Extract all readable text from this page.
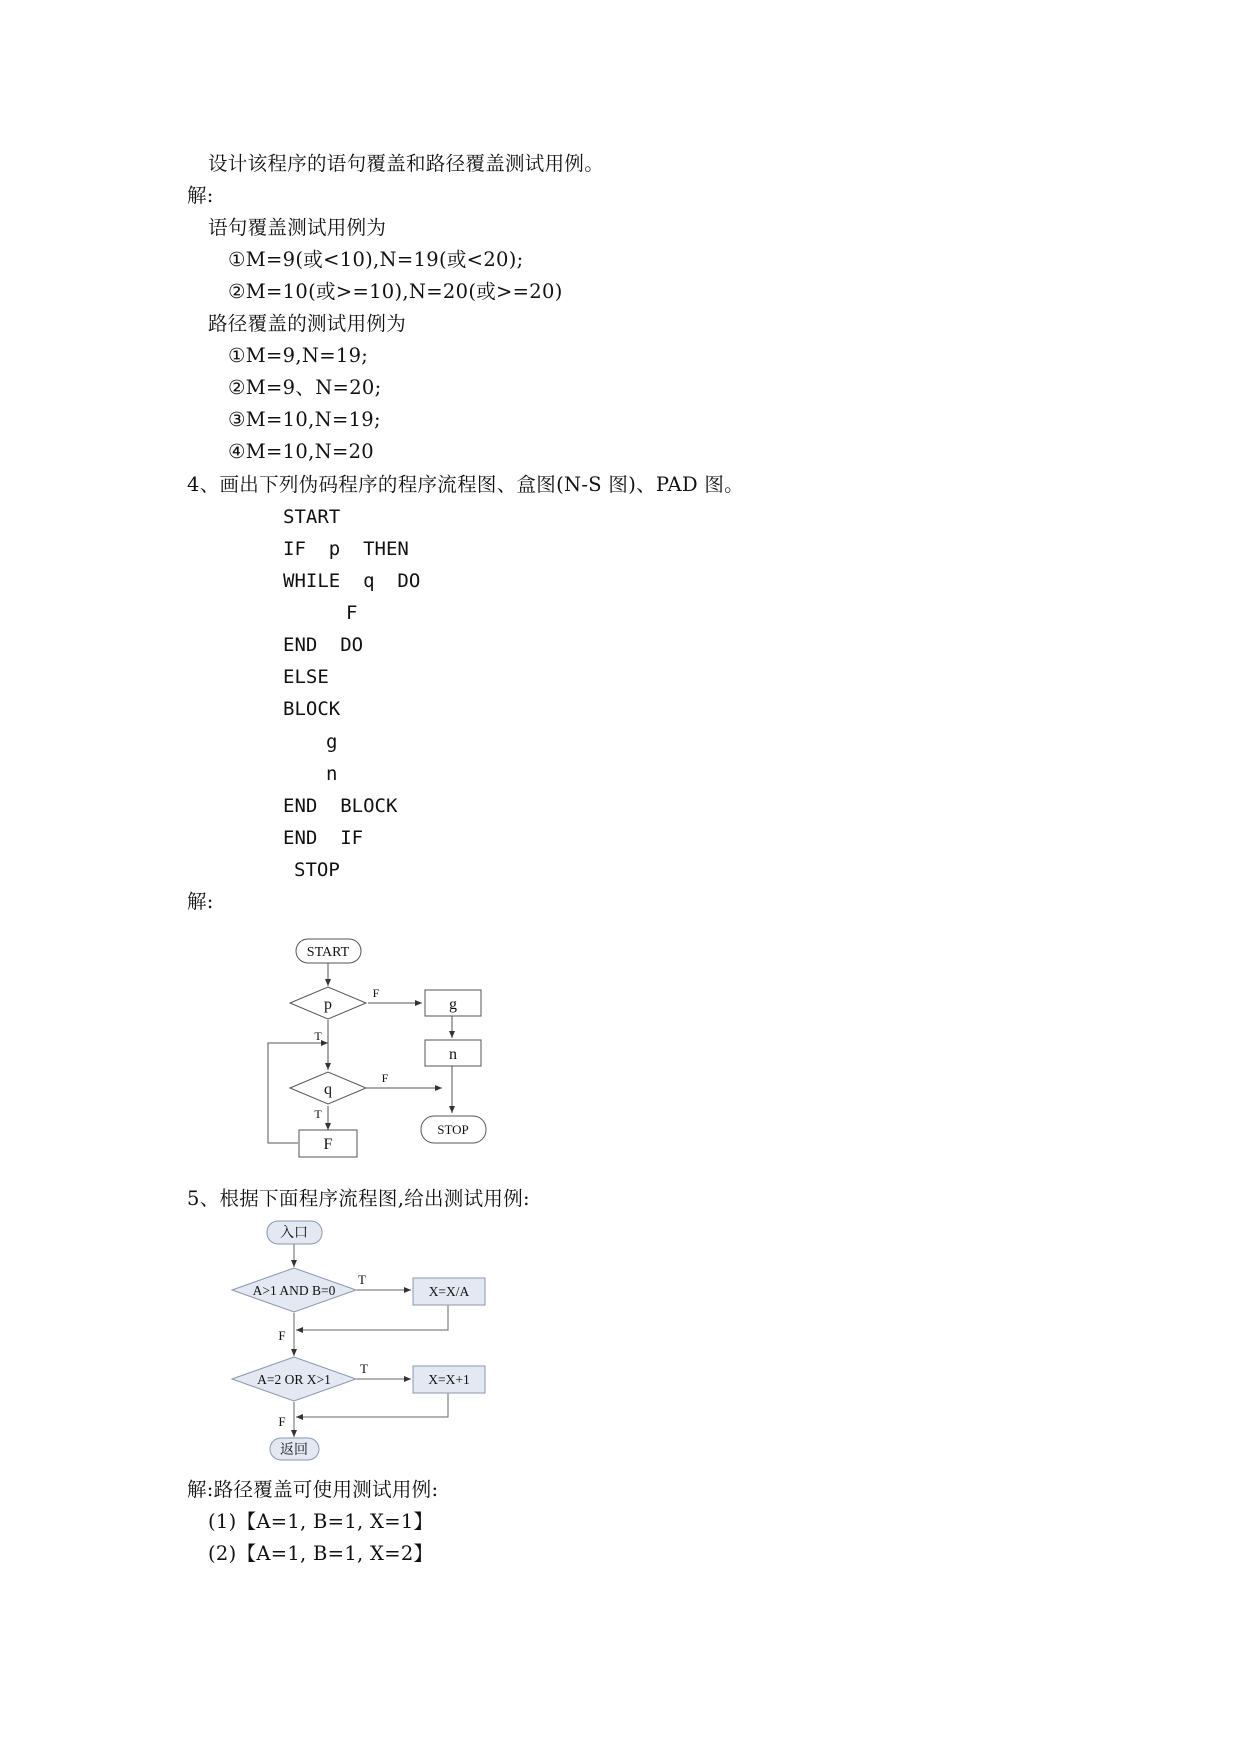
设计该程序的语句覆盖和路径覆盖测试用例。
解:
语句覆盖测试用例为
①M=9(或<10),N=19(或<20);
②M=10(或>=10),N=20(或>=20)
路径覆盖的测试用例为
①M=9,N=19;
②M=9、N=20;
③M=10,N=19;
④M=10,N=20
4、画出下列伪码程序的程序流程图、盒图(N-S 图)、PAD 图。
START
IF  p  THEN
WHILE  q  DO
F
END  DO
ELSE
BLOCK
g
n
END  BLOCK
END  IF
STOP
解:
START
p	g
n
q
F
STOP
F
T
F
T
5、根据下面程序流程图,给出测试用例:
入口
A>1 AND B=0	X=X/A
A=2 OR X>1	X=X+1
返回
T
F
T
F
解:路径覆盖可使用测试用例:
(1)【A=1, B=1, X=1】
(2)【A=1, B=1, X=2】
